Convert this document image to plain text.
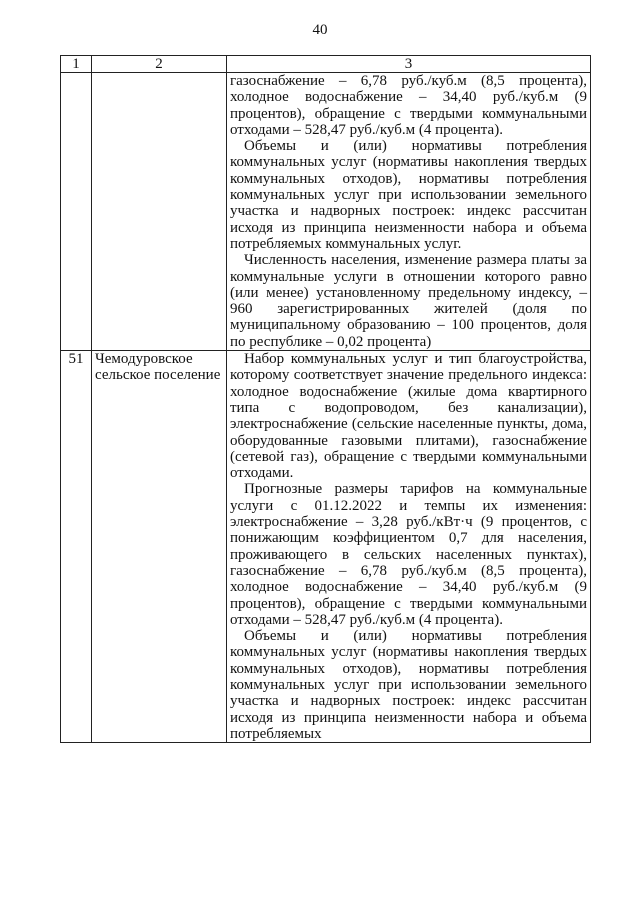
40
1	2	3

		газоснабжение – 6,78 руб./куб.м (8,5 процента), холодное водоснабжение – 34,40 руб./куб.м (9 процентов), обращение с твердыми коммунальными отходами – 528,47 руб./куб.м (4 процента).

Объемы и (или) нормативы потребления коммунальных услуг (нормативы накопления твердых коммунальных отходов), нормативы потребления коммунальных услуг при использовании земельного участка и надворных построек: индекс рассчитан исходя из принципа неизменности набора и объема потребляемых коммунальных услуг.

Численность населения, изменение размера платы за коммунальные услуги в отношении которого равно (или менее) установленному предельному индексу, – 960 зарегистрированных жителей (доля по муниципальному образованию – 100 процентов, доля по республике – 0,02 процента)

51	Чемодуровское сельское поселение	Набор коммунальных услуг и тип благоустройства, которому соответствует значение предельного индекса: холодное водоснабжение (жилые дома квартирного типа с водопроводом, без канализации), электроснабжение (сельские населенные пункты, дома, оборудованные газовыми плитами), газоснабжение (сетевой газ), обращение с твердыми коммунальными отходами.

Прогнозные размеры тарифов на коммунальные услуги с 01.12.2022 и темпы их изменения: электроснабжение – 3,28 руб./кВт·ч (9 процентов, с понижающим коэффициентом 0,7 для населения, проживающего в сельских населенных пунктах), газоснабжение – 6,78 руб./куб.м (8,5 процента), холодное водоснабжение – 34,40 руб./куб.м (9 процентов), обращение с твердыми коммунальными отходами – 528,47 руб./куб.м (4 процента).

Объемы и (или) нормативы потребления коммунальных услуг (нормативы накопления твердых коммунальных отходов), нормативы потребления коммунальных услуг при использовании земельного участка и надворных построек: индекс рассчитан исходя из принципа неизменности набора и объема потребляемых
